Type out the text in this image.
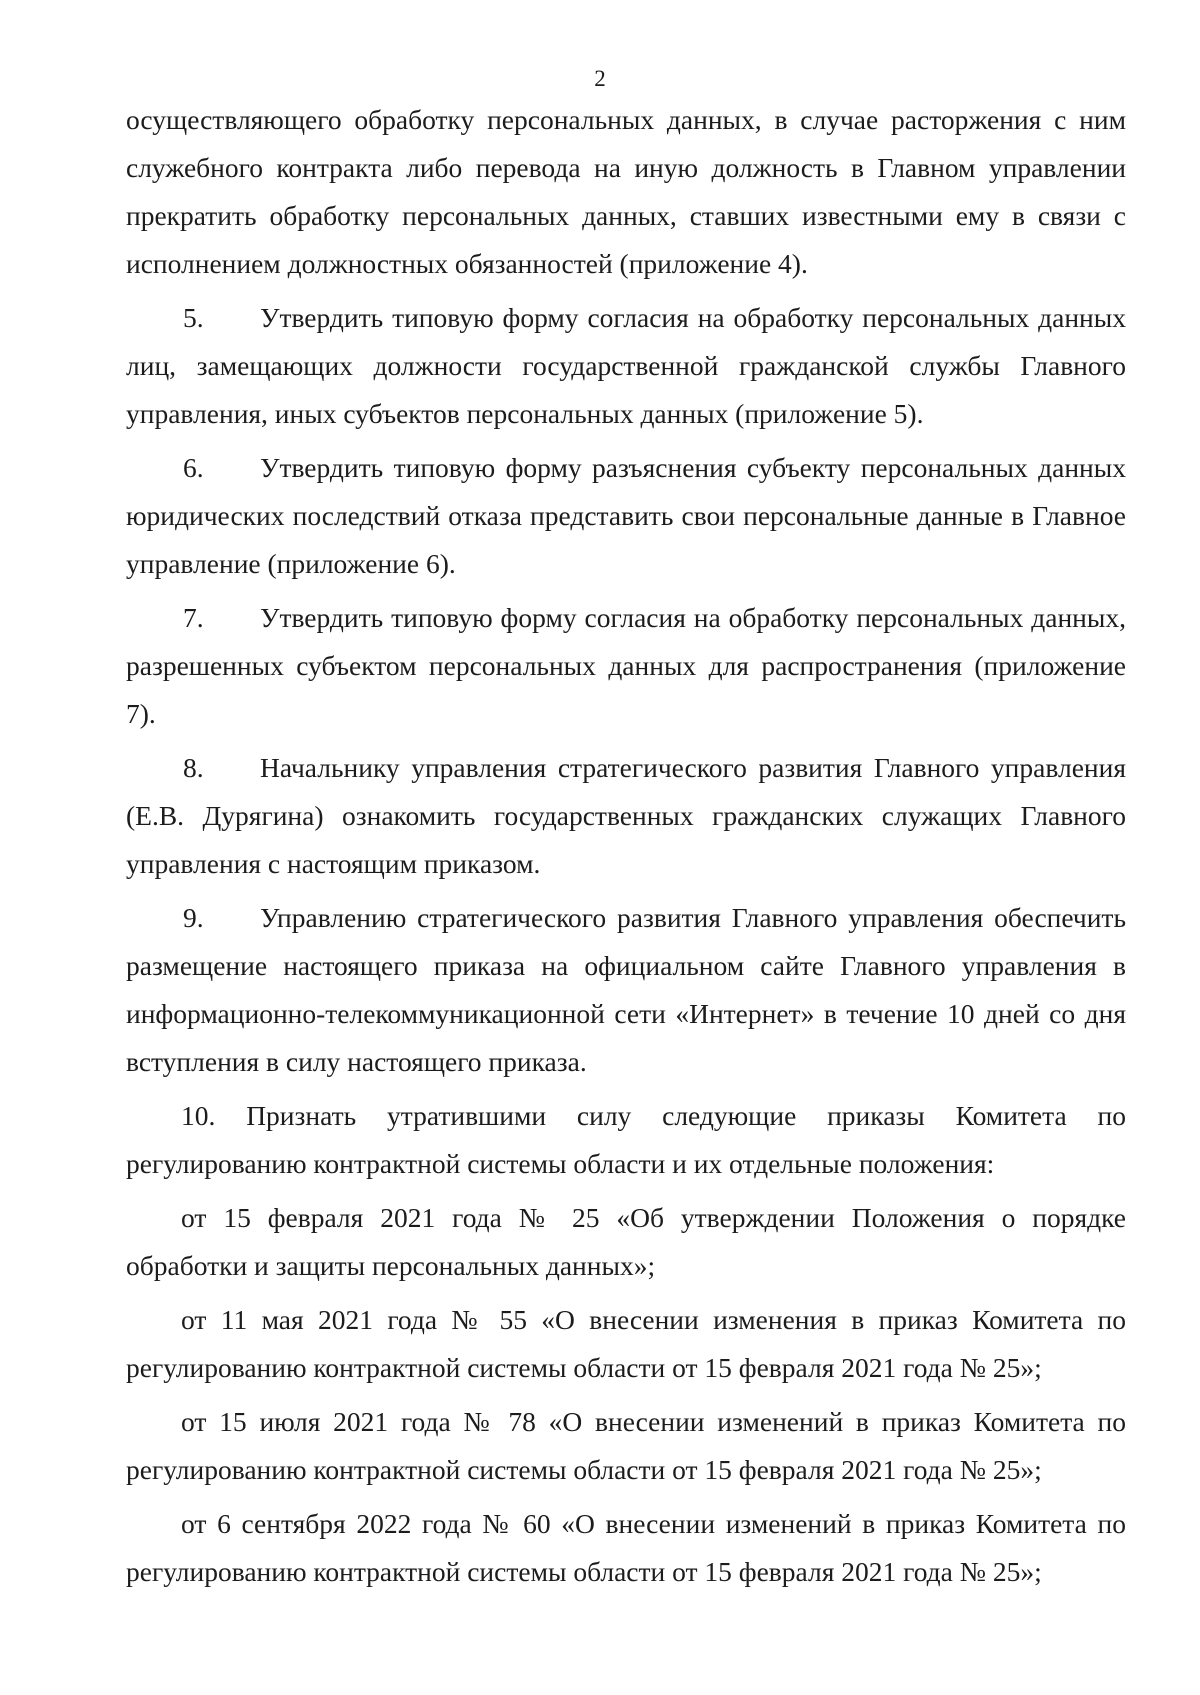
2

осуществляющего обработку персональных данных, в случае расторжения с ним служебного контракта либо перевода на иную должность в Главном управлении прекратить обработку персональных данных, ставших известными ему в связи с исполнением должностных обязанностей (приложение 4).

5. Утвердить типовую форму согласия на обработку персональных данных лиц, замещающих должности государственной гражданской службы Главного управления, иных субъектов персональных данных (приложение 5).

6. Утвердить типовую форму разъяснения субъекту персональных данных юридических последствий отказа представить свои персональные данные в Главное управление (приложение 6).

7. Утвердить типовую форму согласия на обработку персональных данных, разрешенных субъектом персональных данных для распространения (приложение 7).

8. Начальнику управления стратегического развития Главного управления (Е.В. Дурягина) ознакомить государственных гражданских служащих Главного управления с настоящим приказом.

9. Управлению стратегического развития Главного управления обеспечить размещение настоящего приказа на официальном сайте Главного управления в информационно-телекоммуникационной сети «Интернет» в течение 10 дней со дня вступления в силу настоящего приказа.

10. Признать утратившими силу следующие приказы Комитета по регулированию контрактной системы области и их отдельные положения:

от 15 февраля 2021 года № 25 «Об утверждении Положения о порядке обработки и защиты персональных данных»;

от 11 мая 2021 года № 55 «О внесении изменения в приказ Комитета по регулированию контрактной системы области от 15 февраля 2021 года № 25»;

от 15 июля 2021 года № 78 «О внесении изменений в приказ Комитета по регулированию контрактной системы области от 15 февраля 2021 года № 25»;

от 6 сентября 2022 года № 60 «О внесении изменений в приказ Комитета по регулированию контрактной системы области от 15 февраля 2021 года № 25»;
